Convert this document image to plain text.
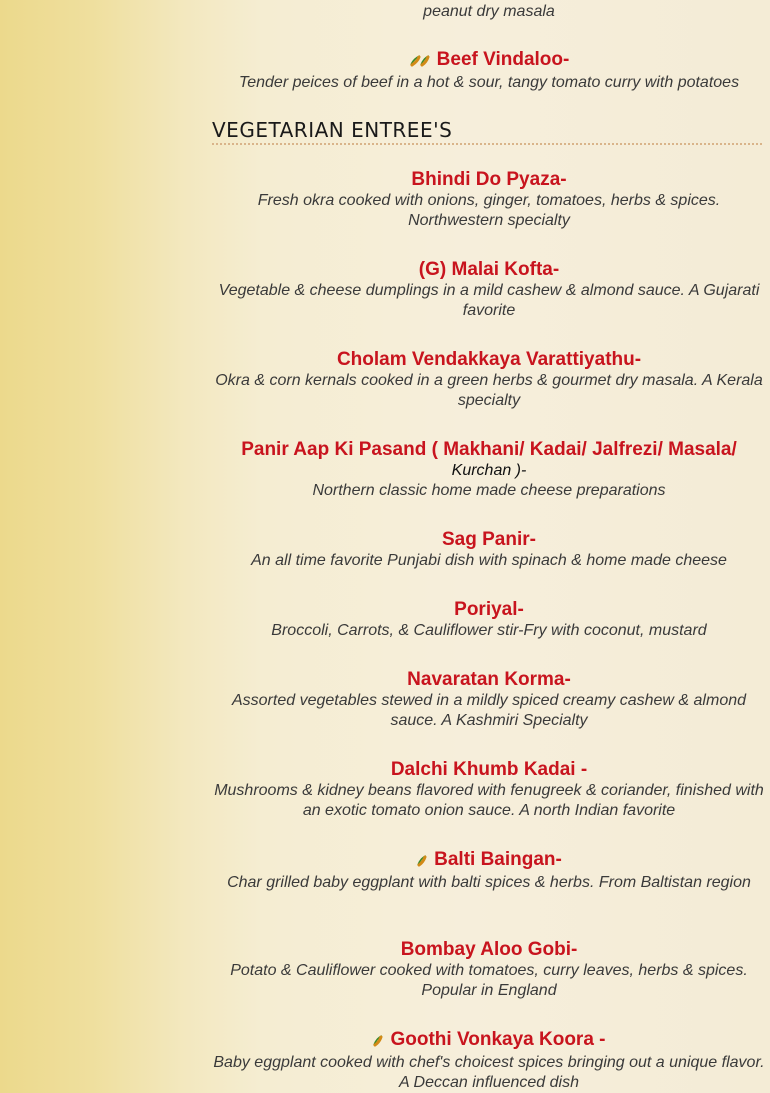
peanut dry masala
Beef Vindaloo-
Tender peices of beef in a hot & sour, tangy tomato curry with potatoes
VEGETARIAN ENTREE'S
Bhindi Do Pyaza-
Fresh okra cooked with onions, ginger, tomatoes, herbs & spices. Northwestern specialty
(G) Malai Kofta-
Vegetable & cheese dumplings in a mild cashew & almond sauce. A Gujarati favorite
Cholam Vendakkaya Varattiyathu-
Okra & corn kernals cooked in a green herbs & gourmet dry masala. A Kerala specialty
Panir Aap Ki Pasand ( Makhani/ Kadai/ Jalfrezi/ Masala/
Kurchan )-
Northern classic home made cheese preparations
Sag Panir-
An all time favorite Punjabi dish with spinach & home made cheese
Poriyal-
Broccoli, Carrots, & Cauliflower stir-Fry with coconut, mustard
Navaratan Korma-
Assorted vegetables stewed in a mildly spiced creamy cashew & almond sauce. A Kashmiri Specialty
Dalchi Khumb Kadai -
Mushrooms & kidney beans flavored with fenugreek & coriander, finished with an exotic tomato onion sauce. A north Indian favorite
Balti Baingan-
Char grilled baby eggplant with balti spices & herbs. From Baltistan region
Bombay Aloo Gobi-
Potato & Cauliflower cooked with tomatoes, curry leaves, herbs & spices. Popular in England
Goothi Vonkaya Koora -
Baby eggplant cooked with chef's choicest spices bringing out a unique flavor. A Deccan influenced dish
